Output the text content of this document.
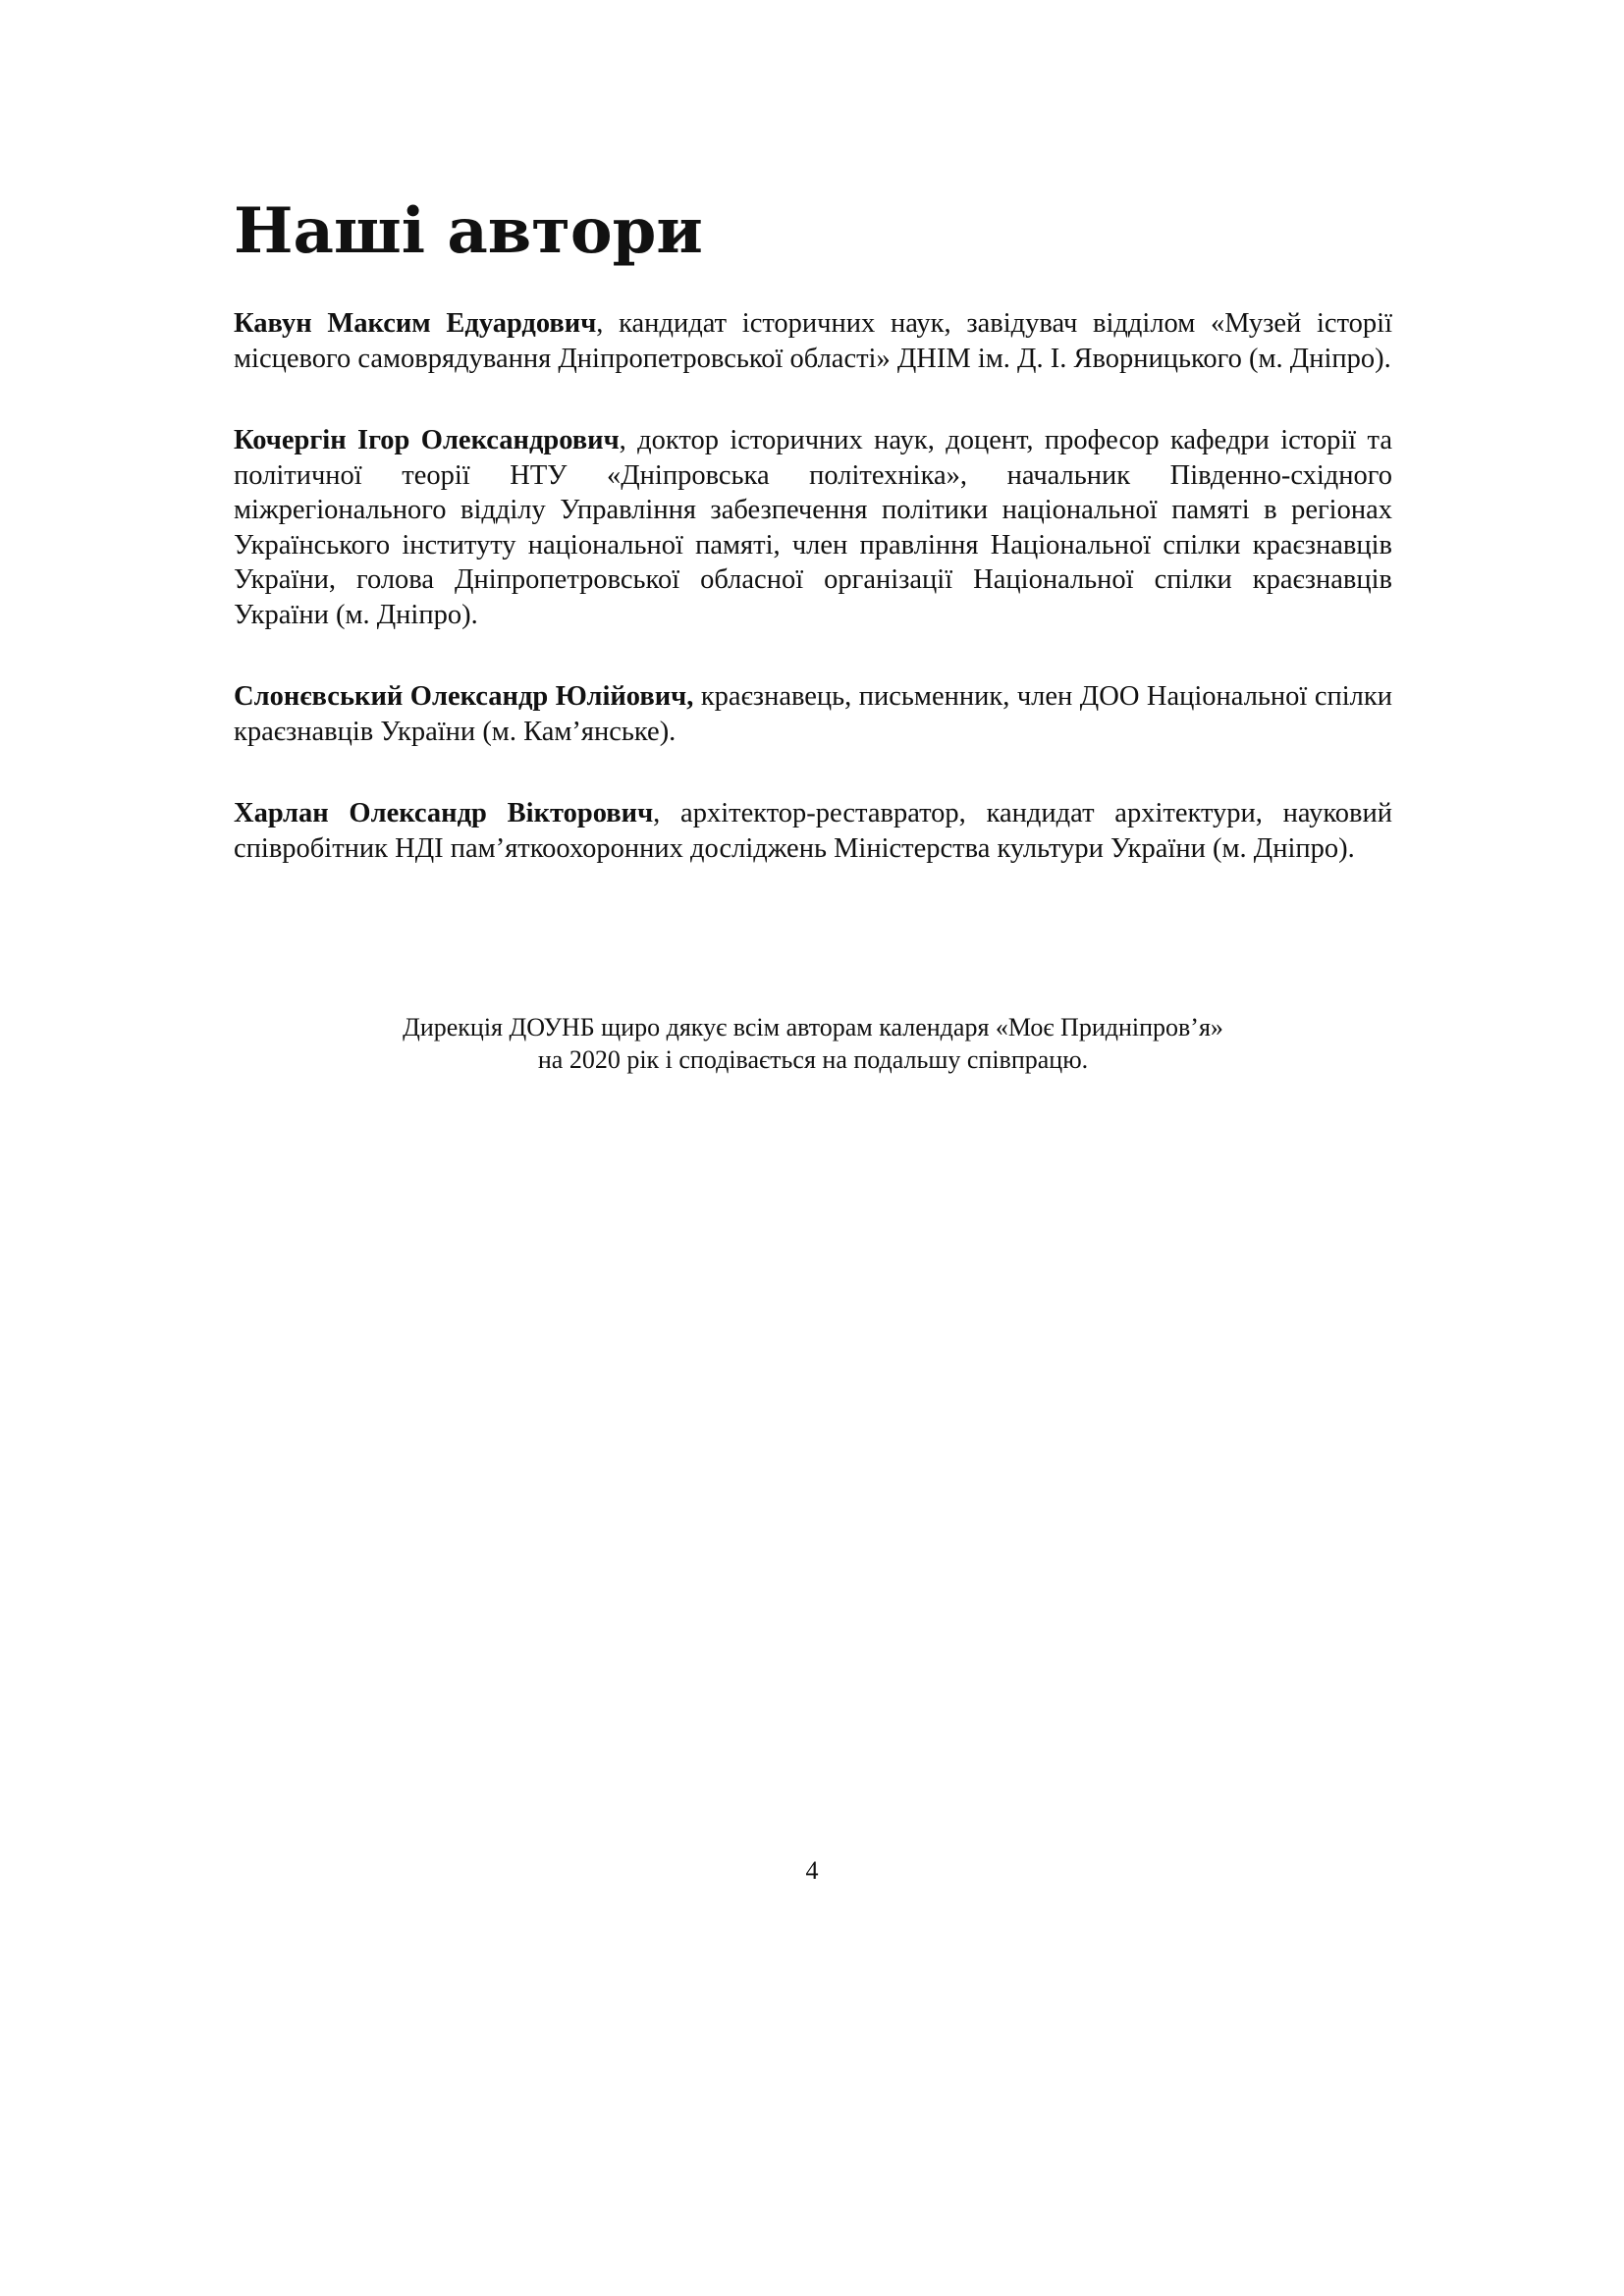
Наші автори

Кавун Максим Едуардович, кандидат історичних наук, завідувач відділом «Музей історії місцевого самоврядування Дніпропетровської області» ДНІМ ім. Д. І. Яворницького (м. Дніпро).

Кочергін Ігор Олександрович, доктор історичних наук, доцент, професор кафедри історії та політичної теорії НТУ «Дніпровська політехніка», начальник Південно-східного міжрегіонального відділу Управління забезпечення політики національної памяті в регіонах Українського інституту національної памяті, член правління Національної спілки краєзнавців України, голова Дніпропетровської обласної організації Національної спілки краєзнавців України (м. Дніпро).

Слонєвський Олександр Юлійович, краєзнавець, письменник, член ДОО Національної спілки краєзнавців України (м. Кам’янське).

Харлан Олександр Вікторович, архітектор-реставратор, кандидат архітектури, науковий співробітник НДІ пам’яткоохоронних досліджень Міністерства культури України (м. Дніпро).

Дирекція ДОУНБ щиро дякує всім авторам календаря «Моє Придніпров’я»

на 2020 рік і сподівається на подальшу співпрацю.

4
